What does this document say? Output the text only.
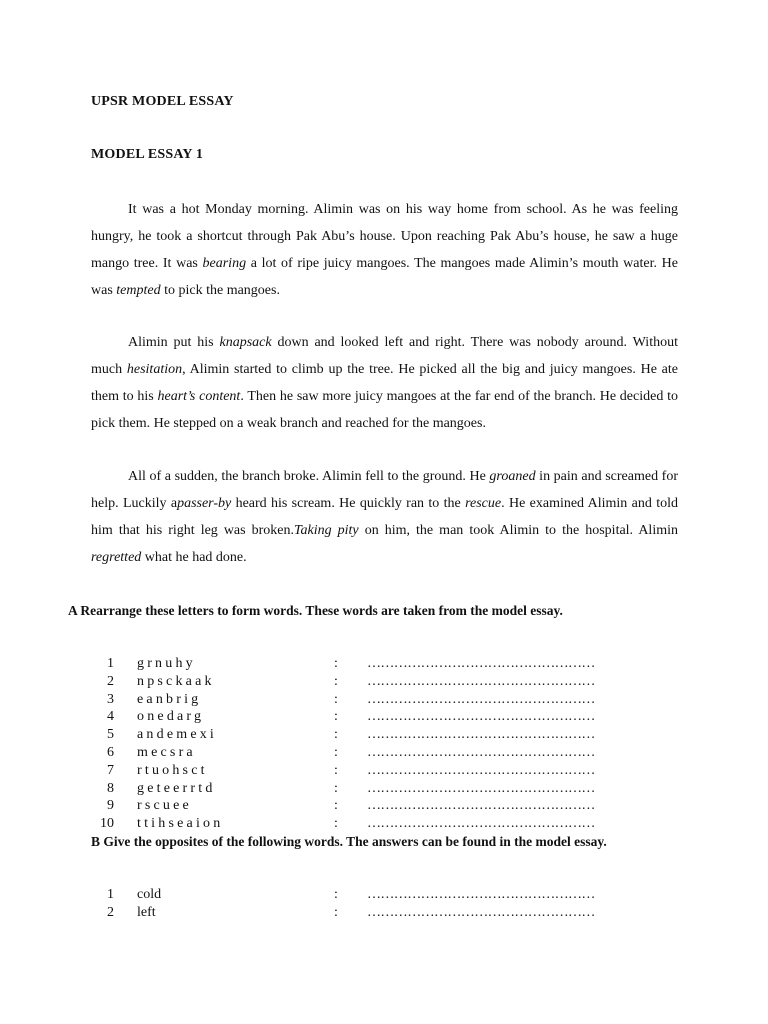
UPSR MODEL ESSAY
MODEL ESSAY 1
It was a hot Monday morning. Alimin was on his way home from school. As he was feeling hungry, he took a shortcut through Pak Abu’s house. Upon reaching Pak Abu’s house, he saw a huge mango tree. It was bearing a lot of ripe juicy mangoes. The mangoes made Alimin’s mouth water. He was tempted to pick the mangoes.
Alimin put his knapsack down and looked left and right. There was nobody around. Without much hesitation, Alimin started to climb up the tree. He picked all the big and juicy mangoes. He ate them to his heart’s content. Then he saw more juicy mangoes at the far end of the branch. He decided to pick them. He stepped on a weak branch and reached for the mangoes.
All of a sudden, the branch broke. Alimin fell to the ground. He groaned in pain and screamed for help. Luckily apasser-by heard his scream. He quickly ran to the rescue. He examined Alimin and told him that his right leg was broken.Taking pity on him, the man took Alimin to the hospital. Alimin regretted what he had done.
A Rearrange these letters to form words. These words are taken from the model essay.
B Give the opposites of the following words. The answers can be found in the model essay.
1 grnuhy	: ……………………………………………
2 npsckaak	: ……………………………………………
3 eanbrig	: ……………………………………………
4 onedarg	: ……………………………………………
5 andemexi	: ……………………………………………
6 mecsra	: ……………………………………………
7 rtuohsct	: ……………………………………………
8 geteerrtd	: ……………………………………………
9 rscuee	: ……………………………………………
10 ttihseaion	: ……………………………………………
1 cold	: ……………………………………………
2 left	: ……………………………………………
